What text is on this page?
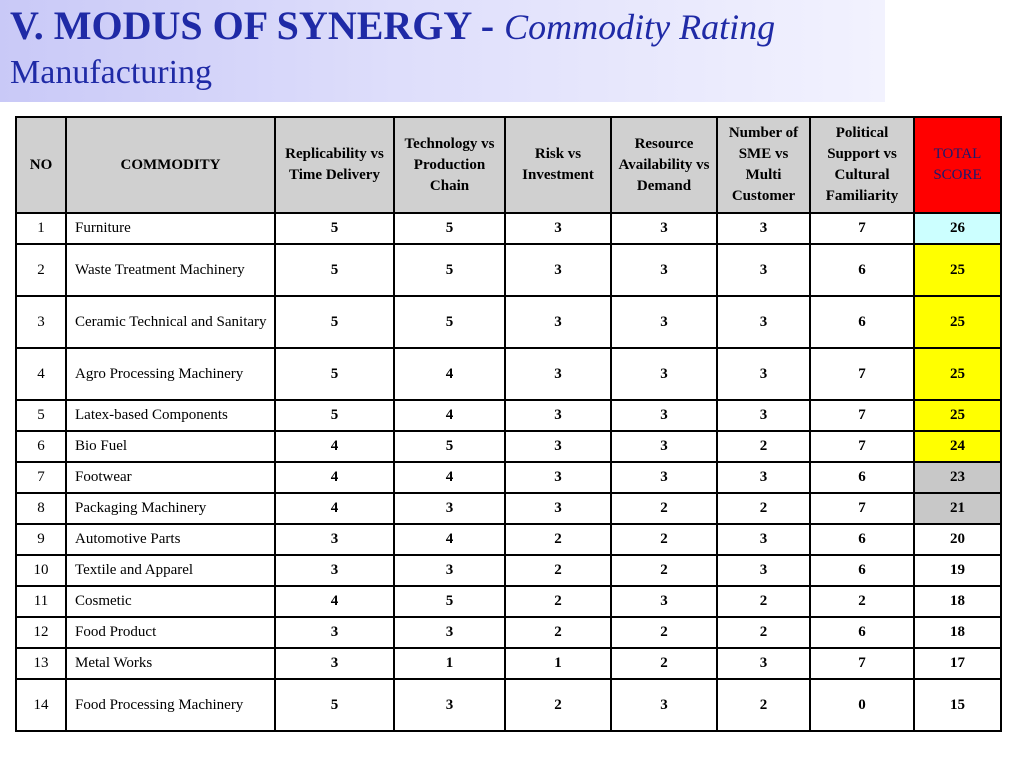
V. MODUS OF SYNERGY - Commodity Rating
Manufacturing
NO	COMMODITY	Replicability vs Time Delivery	Technology vs Production Chain	Risk vs Investment	Resource Availability vs Demand	Number of SME vs Multi Customer	Political Support vs Cultural Familiarity	TOTAL SCORE
1	Furniture	5	5	3	3	3	7	26
2	Waste Treatment Machinery	5	5	3	3	3	6	25
3	Ceramic Technical and Sanitary	5	5	3	3	3	6	25
4	Agro Processing Machinery	5	4	3	3	3	7	25
5	Latex-based Components	5	4	3	3	3	7	25
6	Bio Fuel	4	5	3	3	2	7	24
7	Footwear	4	4	3	3	3	6	23
8	Packaging Machinery	4	3	3	2	2	7	21
9	Automotive Parts	3	4	2	2	3	6	20
10	Textile and Apparel	3	3	2	2	3	6	19
11	Cosmetic	4	5	2	3	2	2	18
12	Food Product	3	3	2	2	2	6	18
13	Metal Works	3	1	1	2	3	7	17
14	Food Processing Machinery	5	3	2	3	2	0	15
